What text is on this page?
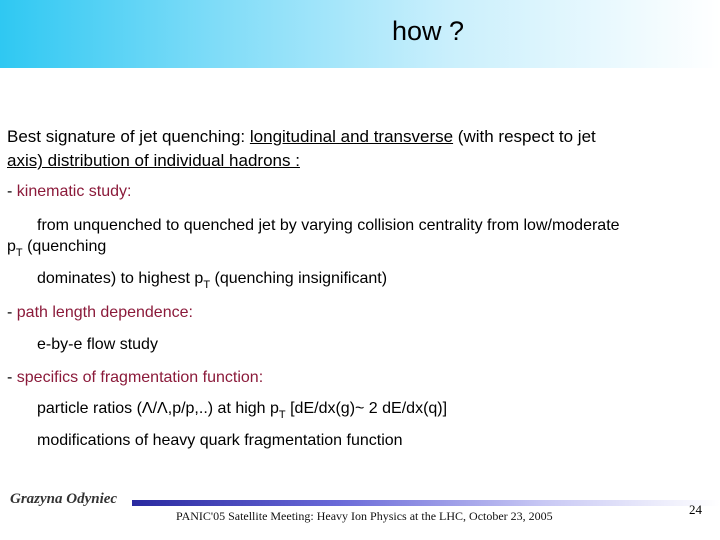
how ?
Best signature of jet quenching: longitudinal and transverse (with respect to jet
axis) distribution of individual hadrons :
- kinematic study:
from unquenched to quenched jet by varying collision centrality from low/moderate
$p_T$ (quenching
dominates) to highest $p_T$ (quenching insignificant)
- path length dependence:
e-by-e flow study
- specifics of fragmentation function:
particle ratios (Λ/Λ,p/p,..) at high $p_T$ [dE/dx(g)~ 2 dE/dx(q)]
modifications of heavy quark fragmentation function
Grazyna Odyniec
PANIC'05 Satellite Meeting: Heavy Ion Physics at the LHC, October 23, 2005	24
